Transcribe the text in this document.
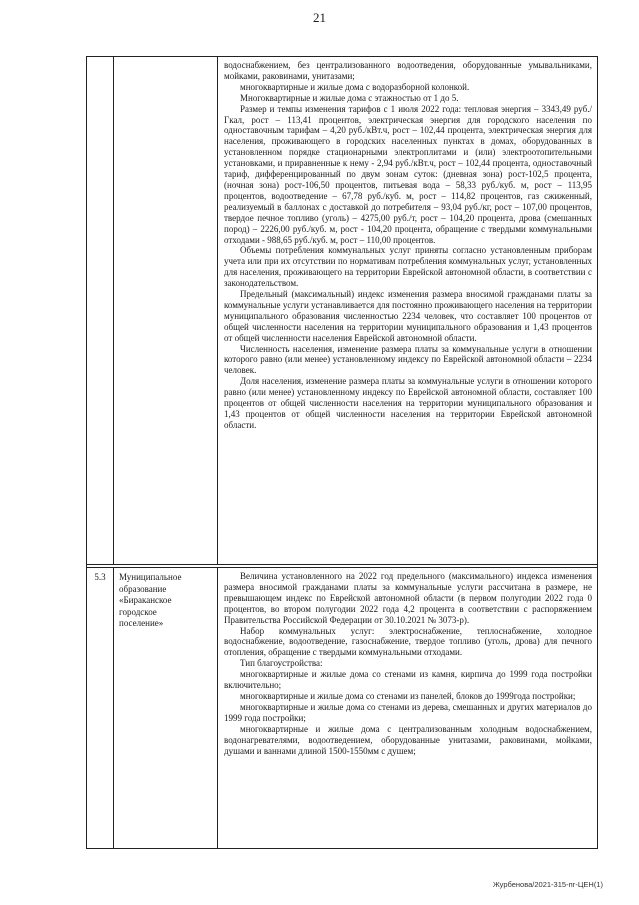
21

водоснабжением, без централизованного водоотведения, оборудованные умывальниками, мойками, раковинами, унитазами;

многоквартирные и жилые дома с водоразборной колонкой.

Многоквартирные и жилые дома с этажностью от 1 до 5.

Размер и темпы изменения тарифов с 1 июля 2022 года: тепловая энергия – 3343,49 руб./Гкал, рост – 113,41 процентов, электрическая энергия для городского населения по одноставочным тарифам – 4,20 руб./кВт.ч, рост – 102,44 процента, электрическая энергия для населения, проживающего в городских населенных пунктах в домах, оборудованных в установленном порядке стационарными электроплитами и (или) электроотопительными установками, и приравненные к нему - 2,94 руб./кВт.ч, рост – 102,44 процента, одноставочный тариф, дифференцированный по двум зонам суток: (дневная зона) рост-102,5 процента, (ночная зона) рост-106,50 процентов, питьевая вода – 58,33 руб./куб. м, рост – 113,95 процентов, водоотведение – 67,78 руб./куб. м, рост – 114,82 процентов, газ сжиженный, реализуемый в баллонах с доставкой до потребителя – 93,04 руб./кг, рост – 107,00 процентов, твердое печное топливо (уголь) – 4275,00 руб./т, рост – 104,20 процента, дрова (смешанных пород) – 2226,00 руб./куб. м, рост - 104,20 процента, обращение с твердыми коммунальными отходами - 988,65 руб./куб. м, рост – 110,00 процентов.

Объемы потребления коммунальных услуг приняты согласно установленным приборам учета или при их отсутствии по нормативам потребления коммунальных услуг, установленных для населения, проживающего на территории Еврейской автономной области, в соответствии с законодательством.

Предельный (максимальный) индекс изменения размера вносимой гражданами платы за коммунальные услуги устанавливается для постоянно проживающего населения на территории муниципального образования численностью 2234 человек, что составляет 100 процентов от общей численности населения на территории муниципального образования и 1,43 процентов от общей численности населения Еврейской автономной области.

Численность населения, изменение размера платы за коммунальные услуги в отношении которого равно (или менее) установленному индексу по Еврейской автономной области – 2234 человек.

Доля населения, изменение размера платы за коммунальные услуги в отношении которого равно (или менее) установленному индексу по Еврейской автономной области, составляет 100 процентов от общей численности населения на территории муниципального образования и 1,43 процентов от общей численности населения на территории Еврейской автономной области.

5.3	Муниципальное
образование
«Бираканское
городское
поселение»

Величина установленного на 2022 год предельного (максимального) индекса изменения размера вносимой гражданами платы за коммунальные услуги рассчитана в размере, не превышающем индекс по Еврейской автономной области (в первом полугодии 2022 года 0 процентов, во втором полугодии 2022 года 4,2 процента в соответствии с распоряжением Правительства Российской Федерации от 30.10.2021 № 3073-р).

Набор коммунальных услуг: электроснабжение, теплоснабжение, холодное водоснабжение, водоотведение, газоснабжение, твердое топливо (уголь, дрова) для печного отопления, обращение с твердыми коммунальными отходами.

Тип благоустройства:

многоквартирные и жилые дома со стенами из камня, кирпича до 1999 года постройки включительно;

многоквартирные и жилые дома со стенами из панелей, блоков до 1999года постройки;

многоквартирные и жилые дома со стенами из дерева, смешанных и других материалов до 1999 года постройки;

многоквартирные и жилые дома с централизованным холодным водоснабжением, водонагревателями, водоотведением, оборудованные унитазами, раковинами, мойками, душами и ваннами длиной 1500-1550мм с душем;

Журбенова/2021-315-пг-ЦЕН(1)
